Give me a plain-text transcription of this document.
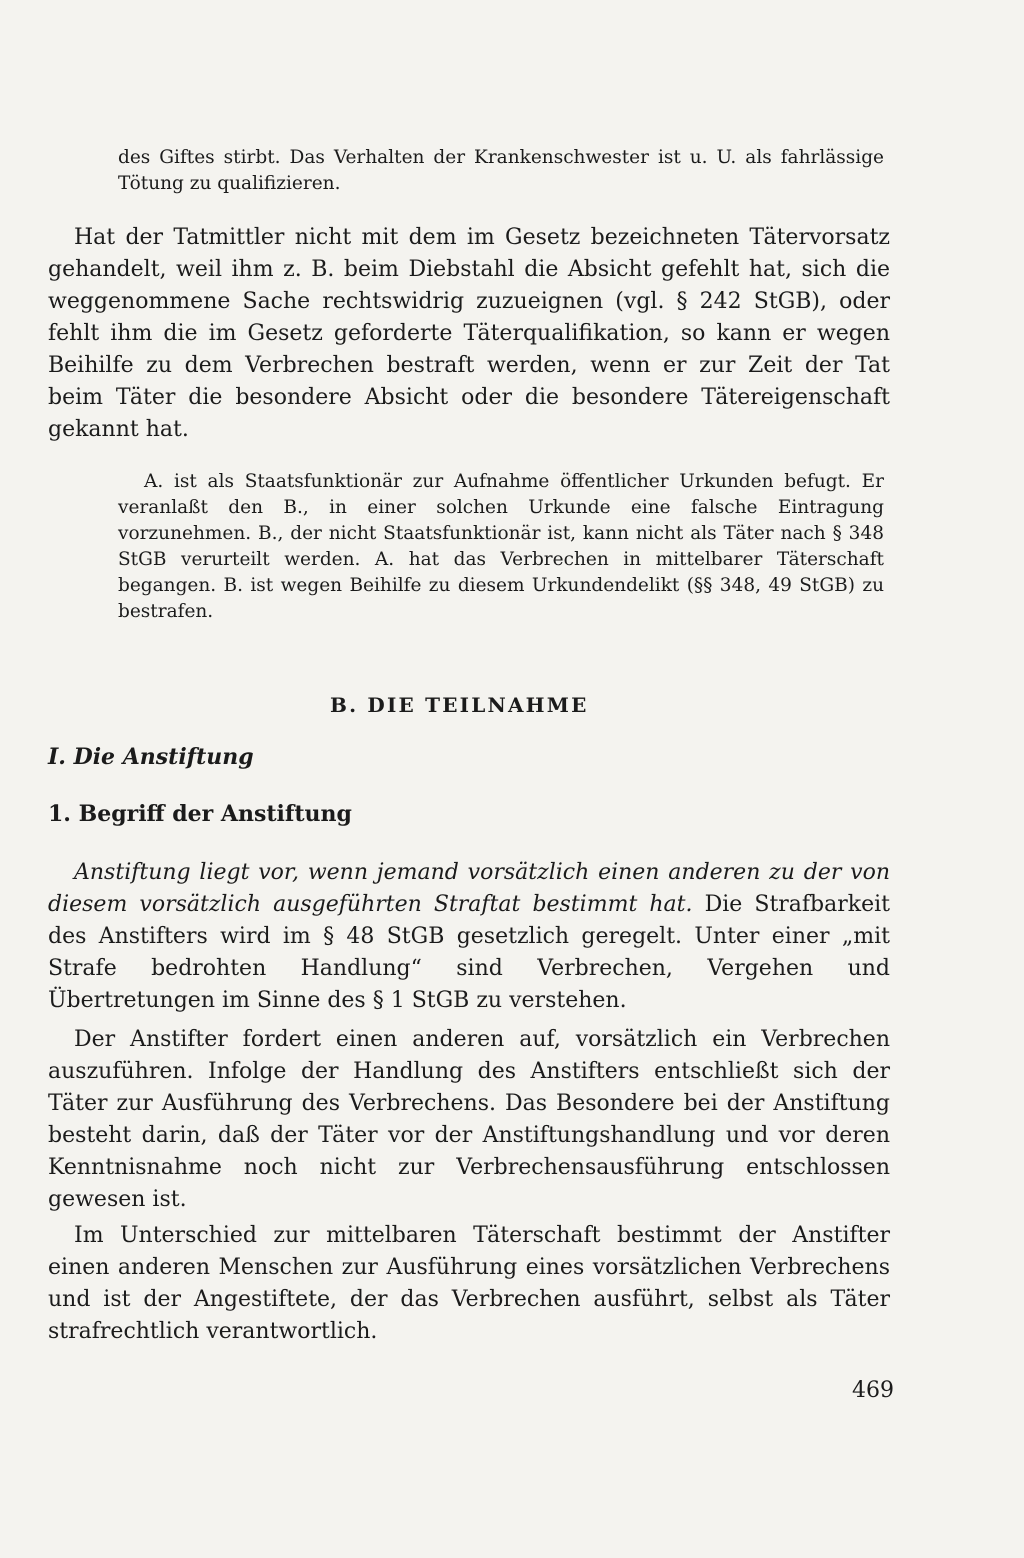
des Giftes stirbt. Das Verhalten der Krankenschwester ist u. U. als fahrlässige Tötung zu qualifizieren.

Hat der Tatmittler nicht mit dem im Gesetz bezeichneten Tätervorsatz gehandelt, weil ihm z. B. beim Diebstahl die Absicht gefehlt hat, sich die weggenommene Sache rechtswidrig zuzueignen (vgl. § 242 StGB), oder fehlt ihm die im Gesetz geforderte Täterqualifikation, so kann er wegen Beihilfe zu dem Verbrechen bestraft werden, wenn er zur Zeit der Tat beim Täter die besondere Absicht oder die besondere Tätereigenschaft gekannt hat.

A. ist als Staatsfunktionär zur Aufnahme öffentlicher Urkunden befugt. Er veranlaßt den B., in einer solchen Urkunde eine falsche Eintragung vorzunehmen. B., der nicht Staatsfunktionär ist, kann nicht als Täter nach § 348 StGB verurteilt werden. A. hat das Verbrechen in mittelbarer Täterschaft begangen. B. ist wegen Beihilfe zu diesem Urkundendelikt (§§ 348, 49 StGB) zu bestrafen.

B. DIE TEILNAHME
I. Die Anstiftung
1. Begriff der Anstiftung

Anstiftung liegt vor, wenn jemand vorsätzlich einen anderen zu der von diesem vorsätzlich ausgeführten Straftat bestimmt hat. Die Strafbarkeit des Anstifters wird im § 48 StGB gesetzlich geregelt. Unter einer „mit Strafe bedrohten Handlung“ sind Verbrechen, Vergehen und Übertretungen im Sinne des § 1 StGB zu verstehen.

Der Anstifter fordert einen anderen auf, vorsätzlich ein Verbrechen auszuführen. Infolge der Handlung des Anstifters entschließt sich der Täter zur Ausführung des Verbrechens. Das Besondere bei der Anstiftung besteht darin, daß der Täter vor der Anstiftungshandlung und vor deren Kenntnisnahme noch nicht zur Verbrechensausführung entschlossen gewesen ist.

Im Unterschied zur mittelbaren Täterschaft bestimmt der Anstifter einen anderen Menschen zur Ausführung eines vorsätzlichen Verbrechens und ist der Angestiftete, der das Verbrechen ausführt, selbst als Täter strafrechtlich verantwortlich.

469
